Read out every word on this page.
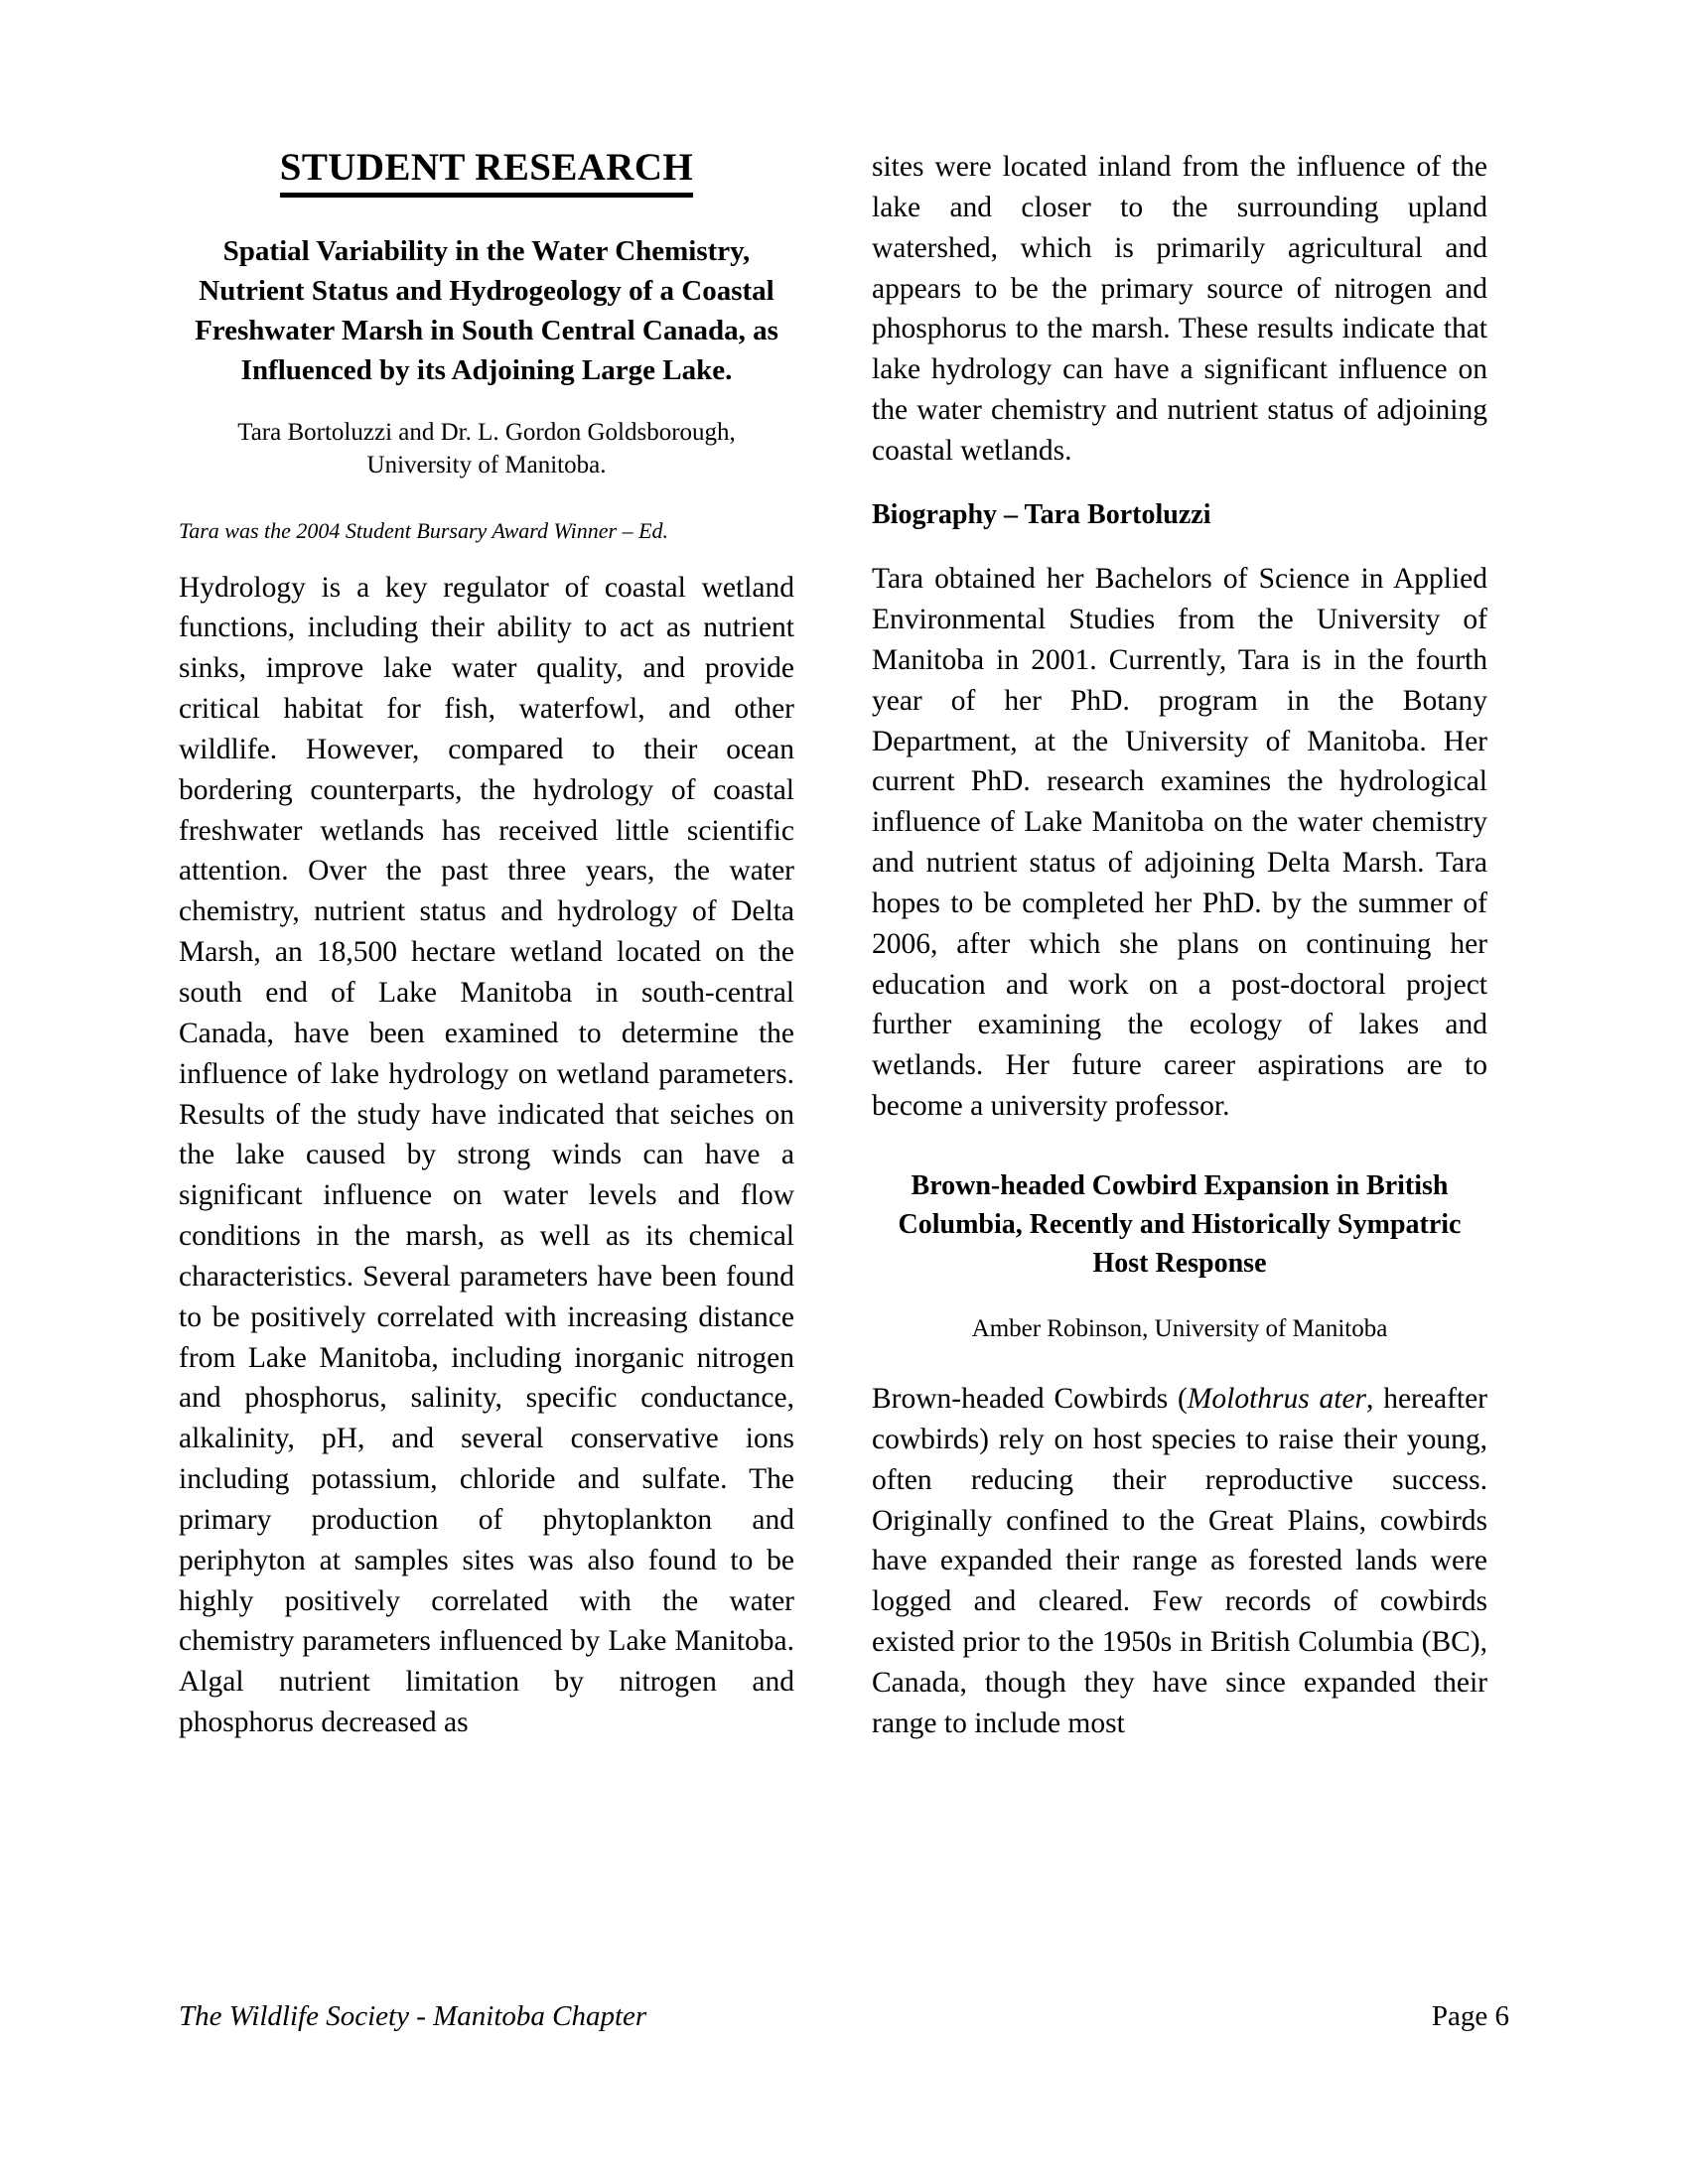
STUDENT RESEARCH
Spatial Variability in the Water Chemistry, Nutrient Status and Hydrogeology of a Coastal Freshwater Marsh in South Central Canada, as Influenced by its Adjoining Large Lake.
Tara Bortoluzzi and Dr. L. Gordon Goldsborough,
University of Manitoba.
Tara was the 2004 Student Bursary Award Winner – Ed.

Hydrology is a key regulator of coastal wetland functions, including their ability to act as nutrient sinks, improve lake water quality, and provide critical habitat for fish, waterfowl, and other wildlife. However, compared to their ocean bordering counterparts, the hydrology of coastal freshwater wetlands has received little scientific attention. Over the past three years, the water chemistry, nutrient status and hydrology of Delta Marsh, an 18,500 hectare wetland located on the south end of Lake Manitoba in south-central Canada, have been examined to determine the influence of lake hydrology on wetland parameters. Results of the study have indicated that seiches on the lake caused by strong winds can have a significant influence on water levels and flow conditions in the marsh, as well as its chemical characteristics. Several parameters have been found to be positively correlated with increasing distance from Lake Manitoba, including inorganic nitrogen and phosphorus, salinity, specific conductance, alkalinity, pH, and several conservative ions including potassium, chloride and sulfate. The primary production of phytoplankton and periphyton at samples sites was also found to be highly positively correlated with the water chemistry parameters influenced by Lake Manitoba. Algal nutrient limitation by nitrogen and phosphorus decreased as

sites were located inland from the influence of the lake and closer to the surrounding upland watershed, which is primarily agricultural and appears to be the primary source of nitrogen and phosphorus to the marsh. These results indicate that lake hydrology can have a significant influence on the water chemistry and nutrient status of adjoining coastal wetlands.

Biography – Tara Bortoluzzi

Tara obtained her Bachelors of Science in Applied Environmental Studies from the University of Manitoba in 2001. Currently, Tara is in the fourth year of her PhD. program in the Botany Department, at the University of Manitoba. Her current PhD. research examines the hydrological influence of Lake Manitoba on the water chemistry and nutrient status of adjoining Delta Marsh. Tara hopes to be completed her PhD. by the summer of 2006, after which she plans on continuing her education and work on a post-doctoral project further examining the ecology of lakes and wetlands. Her future career aspirations are to become a university professor.

Brown-headed Cowbird Expansion in British Columbia, Recently and Historically Sympatric Host Response
Amber Robinson, University of Manitoba

Brown-headed Cowbirds (Molothrus ater, hereafter cowbirds) rely on host species to raise their young, often reducing their reproductive success. Originally confined to the Great Plains, cowbirds have expanded their range as forested lands were logged and cleared. Few records of cowbirds existed prior to the 1950s in British Columbia (BC), Canada, though they have since expanded their range to include most

The Wildlife Society - Manitoba Chapter	Page 6
